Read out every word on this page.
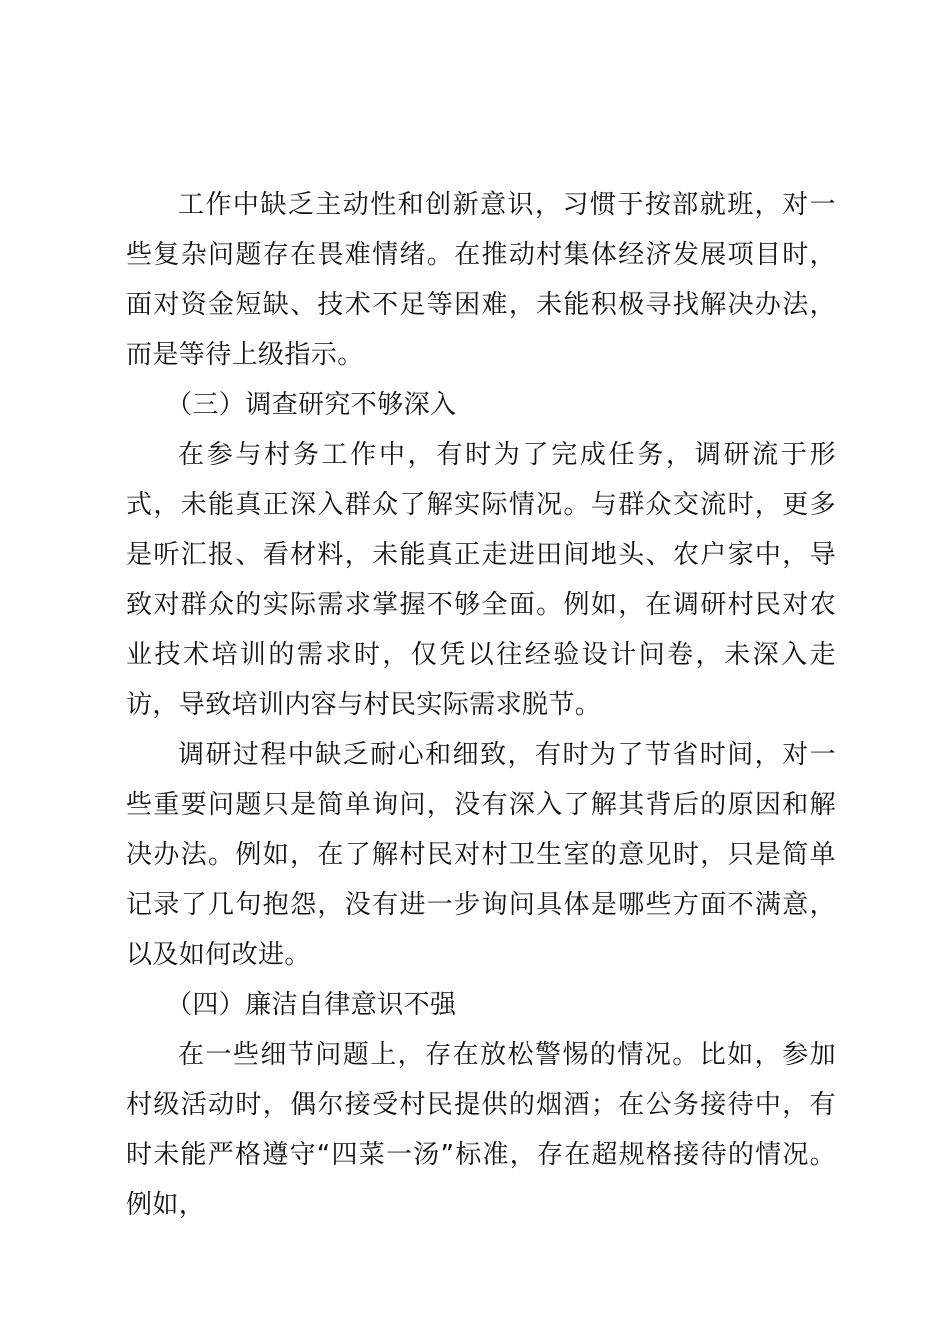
工作中缺乏主动性和创新意识，习惯于按部就班，对一些复杂问题存在畏难情绪。在推动村集体经济发展项目时，面对资金短缺、技术不足等困难，未能积极寻找解决办法，而是等待上级指示。

（三）调查研究不够深入

在参与村务工作中，有时为了完成任务，调研流于形式，未能真正深入群众了解实际情况。与群众交流时，更多是听汇报、看材料，未能真正走进田间地头、农户家中，导致对群众的实际需求掌握不够全面。例如，在调研村民对农业技术培训的需求时，仅凭以往经验设计问卷，未深入走访，导致培训内容与村民实际需求脱节。

调研过程中缺乏耐心和细致，有时为了节省时间，对一些重要问题只是简单询问，没有深入了解其背后的原因和解决办法。例如，在了解村民对村卫生室的意见时，只是简单记录了几句抱怨，没有进一步询问具体是哪些方面不满意，以及如何改进。

（四）廉洁自律意识不强

在一些细节问题上，存在放松警惕的情况。比如，参加村级活动时，偶尔接受村民提供的烟酒；在公务接待中，有时未能严格遵守“四菜一汤”标准，存在超规格接待的情况。例如，
